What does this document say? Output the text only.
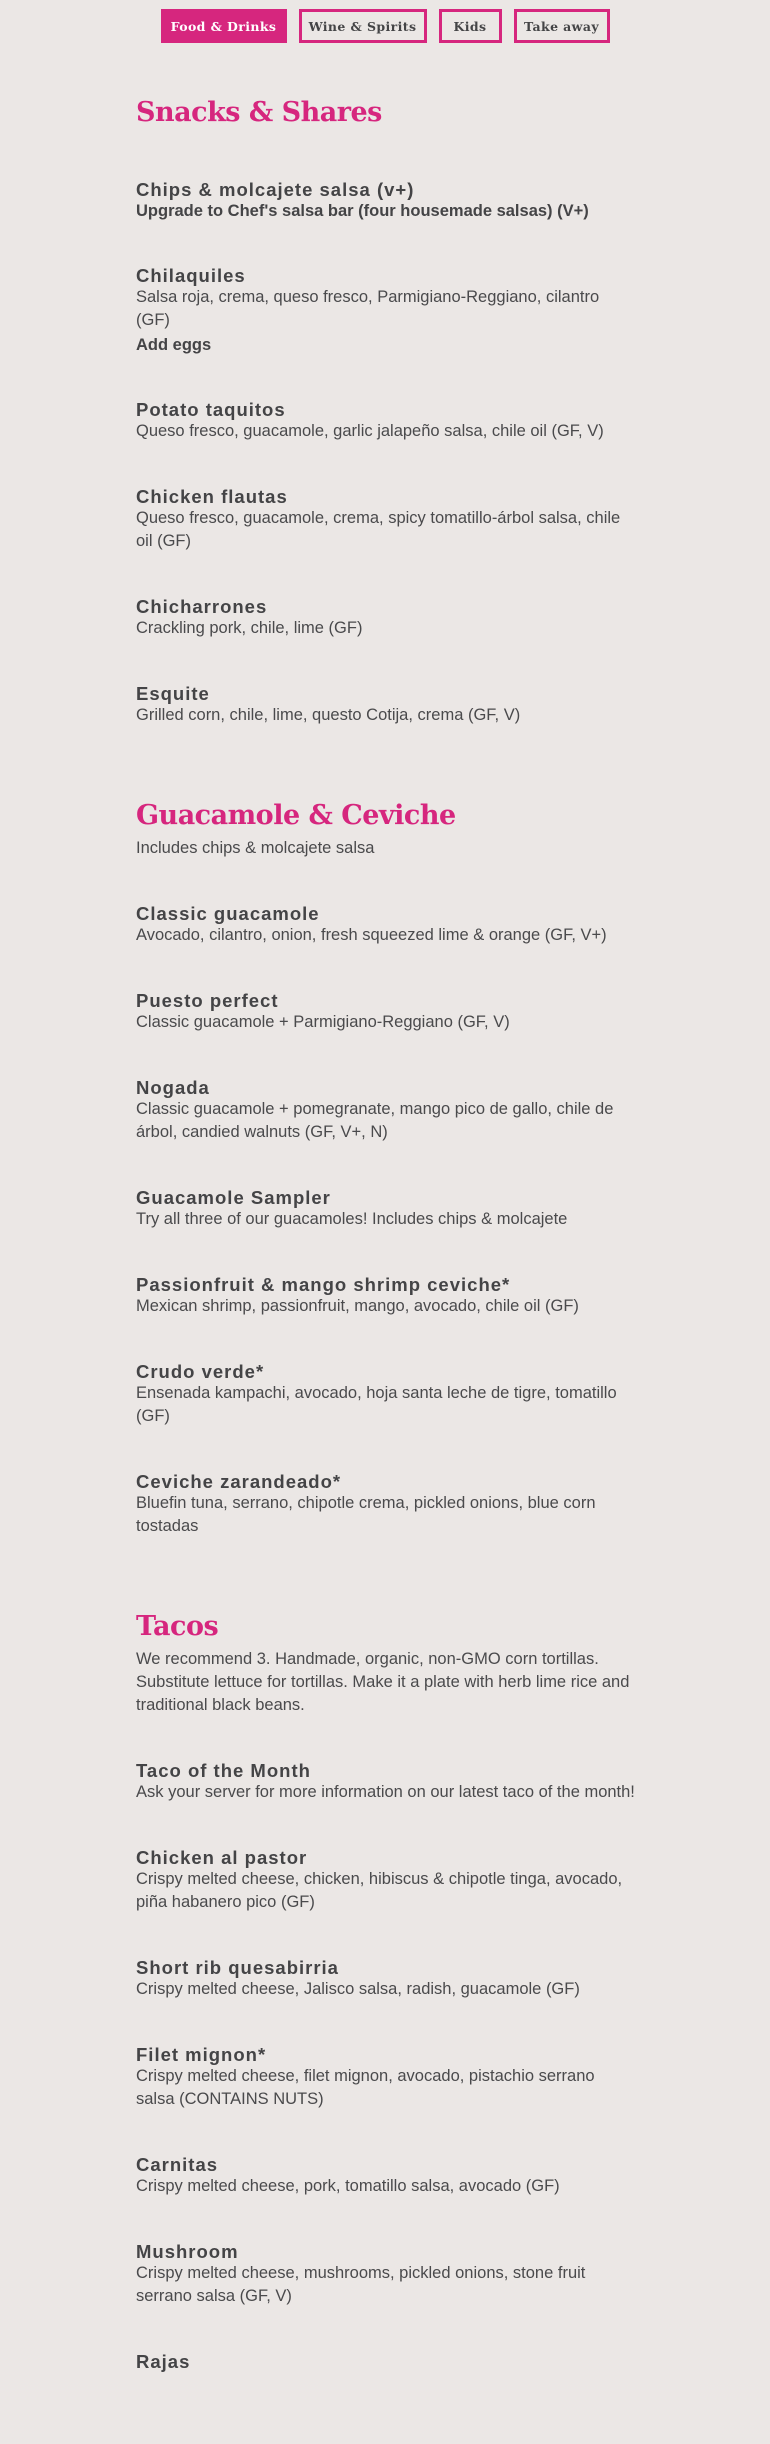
Food & Drinks	Wine & Spirits	Kids	Take away
Snacks & Shares
Chips & molcajete salsa (v+)
Upgrade to Chef's salsa bar (four housemade salsas) (V+)
Chilaquiles
Salsa roja, crema, queso fresco, Parmigiano-Reggiano, cilantro (GF)
Add eggs
Potato taquitos
Queso fresco, guacamole, garlic jalapeño salsa, chile oil (GF, V)
Chicken flautas
Queso fresco, guacamole, crema, spicy tomatillo-árbol salsa, chile oil (GF)
Chicharrones
Crackling pork, chile, lime (GF)
Esquite
Grilled corn, chile, lime, questo Cotija, crema (GF, V)
Guacamole & Ceviche
Includes chips & molcajete salsa
Classic guacamole
Avocado, cilantro, onion, fresh squeezed lime & orange (GF, V+)
Puesto perfect
Classic guacamole + Parmigiano-Reggiano (GF, V)
Nogada
Classic guacamole + pomegranate, mango pico de gallo, chile de árbol, candied walnuts (GF, V+, N)
Guacamole Sampler
Try all three of our guacamoles! Includes chips & molcajete
Passionfruit & mango shrimp ceviche*
Mexican shrimp, passionfruit, mango, avocado, chile oil (GF)
Crudo verde*
Ensenada kampachi, avocado, hoja santa leche de tigre, tomatillo (GF)
Ceviche zarandeado*
Bluefin tuna, serrano, chipotle crema, pickled onions, blue corn tostadas
Tacos
We recommend 3. Handmade, organic, non-GMO corn tortillas. Substitute lettuce for tortillas. Make it a plate with herb lime rice and traditional black beans.
Taco of the Month
Ask your server for more information on our latest taco of the month!
Chicken al pastor
Crispy melted cheese, chicken, hibiscus & chipotle tinga, avocado, piña habanero pico (GF)
Short rib quesabirria
Crispy melted cheese, Jalisco salsa, radish, guacamole (GF)
Filet mignon*
Crispy melted cheese, filet mignon, avocado, pistachio serrano salsa (CONTAINS NUTS)
Carnitas
Crispy melted cheese, pork, tomatillo salsa, avocado (GF)
Mushroom
Crispy melted cheese, mushrooms, pickled onions, stone fruit serrano salsa (GF, V)
Rajas
